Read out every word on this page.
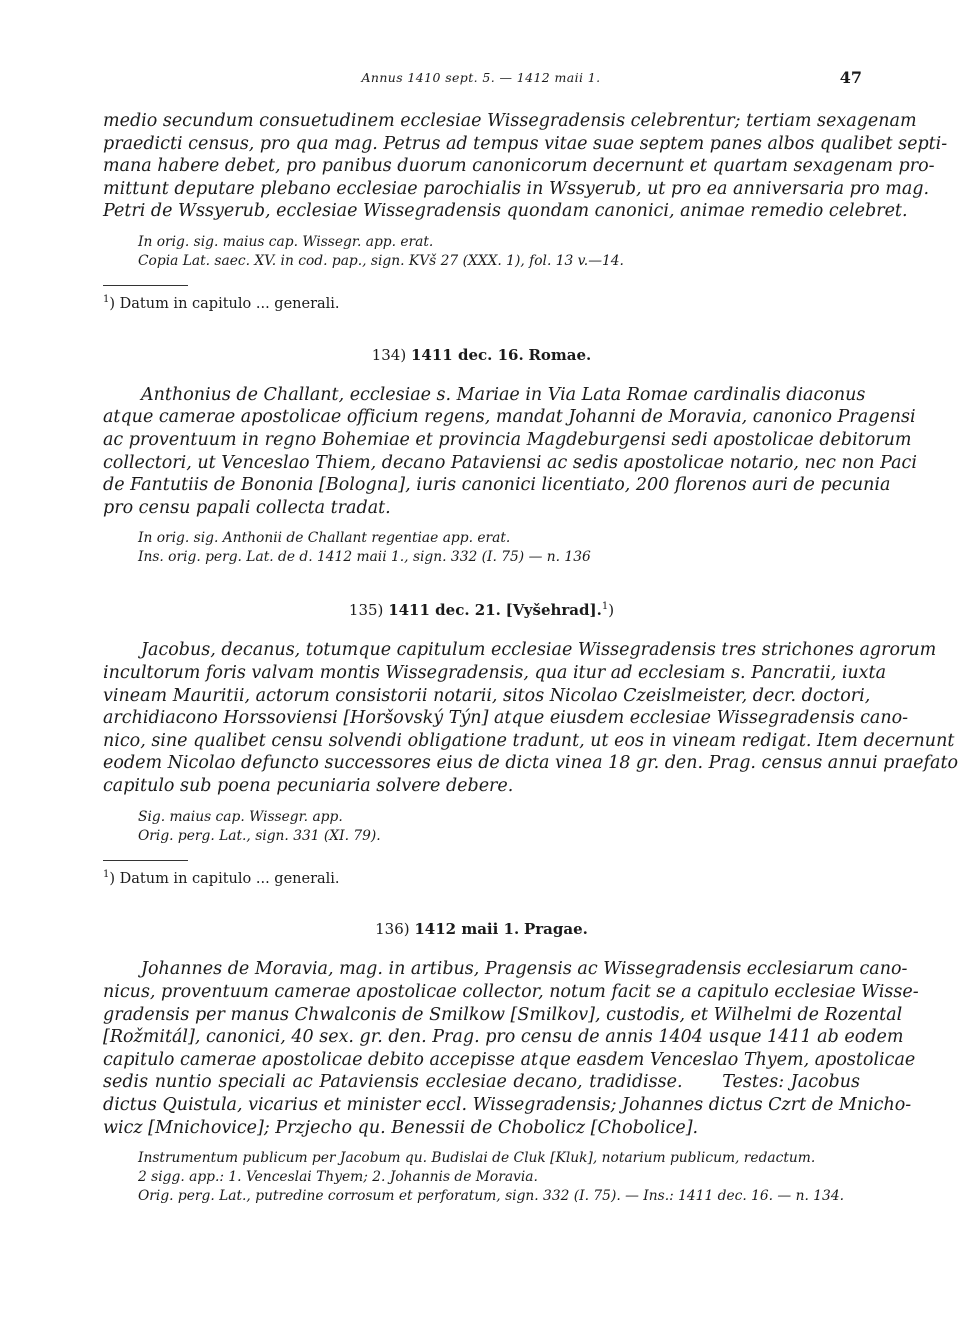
Annus 1410 sept. 5. — 1412 maii 1.	47
medio secundum consuetudinem ecclesiae Wissegradensis celebrentur; tertiam sexagenam
praedicti census, pro qua mag. Petrus ad tempus vitae suae septem panes albos qualibet septi-
mana habere debet, pro panibus duorum canonicorum decernunt et quartam sexagenam pro-
mittunt deputare plebano ecclesiae parochialis in Wssyerub, ut pro ea anniversaria pro mag.
Petri de Wssyerub, ecclesiae Wissegradensis quondam canonici, animae remedio celebret.
In orig. sig. maius cap. Wissegr. app. erat.
Copia Lat. saec. XV. in cod. pap., sign. KVš 27 (XXX. 1), fol. 13 v.—14.
$^1$) Datum in capitulo ... generali.
134) 1411 dec. 16. Romae.
Anthonius de Challant, ecclesiae s. Mariae in Via Lata Romae cardinalis diaconus
atque camerae apostolicae officium regens, mandat Johanni de Moravia, canonico Pragensi
ac proventuum in regno Bohemiae et provincia Magdeburgensi sedi apostolicae debitorum
collectori, ut Venceslao Thiem, decano Pataviensi ac sedis apostolicae notario, nec non Paci
de Fantutiis de Bononia [Bologna], iuris canonici licentiato, 200 florenos auri de pecunia
pro censu papali collecta tradat.
In orig. sig. Anthonii de Challant regentiae app. erat.
Ins. orig. perg. Lat. de d. 1412 maii 1., sign. 332 (I. 75) — n. 136
135) 1411 dec. 21. [Vyšehrad].$^1$)
Jacobus, decanus, totumque capitulum ecclesiae Wissegradensis tres strichones agrorum
incultorum foris valvam montis Wissegradensis, qua itur ad ecclesiam s. Pancratii, iuxta
vineam Mauritii, actorum consistorii notarii, sitos Nicolao Czeislmeister, decr. doctori,
archidiacono Horssoviensi [Horšovský Týn] atque eiusdem ecclesiae Wissegradensis cano-
nico, sine qualibet censu solvendi obligatione tradunt, ut eos in vineam redigat. Item decernunt
eodem Nicolao defuncto successores eius de dicta vinea 18 gr. den. Prag. census annui praefato
capitulo sub poena pecuniaria solvere debere.
Sig. maius cap. Wissegr. app.
Orig. perg. Lat., sign. 331 (XI. 79).
$^1$) Datum in capitulo ... generali.
136) 1412 maii 1. Pragae.
Johannes de Moravia, mag. in artibus, Pragensis ac Wissegradensis ecclesiarum cano-
nicus, proventuum camerae apostolicae collector, notum facit se a capitulo ecclesiae Wisse-
gradensis per manus Chwalconis de Smilkow [Smilkov], custodis, et Wilhelmi de Rozental
[Rožmitál], canonici, 40 sex. gr. den. Prag. pro censu de annis 1404 usque 1411 ab eodem
capitulo camerae apostolicae debito accepisse atque easdem Venceslao Thyem, apostolicae
sedis nuntio speciali ac Pataviensis ecclesiae decano, tradidisse.      Testes: Jacobus
dictus Quistula, vicarius et minister eccl. Wissegradensis; Johannes dictus Czrt de Mnicho-
wicz [Mnichovice]; Przjecho qu. Benessii de Chobolicz [Chobolice].
Instrumentum publicum per Jacobum qu. Budislai de Cluk [Kluk], notarium publicum, redactum.
2 sigg. app.: 1. Venceslai Thyem; 2. Johannis de Moravia.
Orig. perg. Lat., putredine corrosum et perforatum, sign. 332 (I. 75). — Ins.: 1411 dec. 16. — n. 134.
